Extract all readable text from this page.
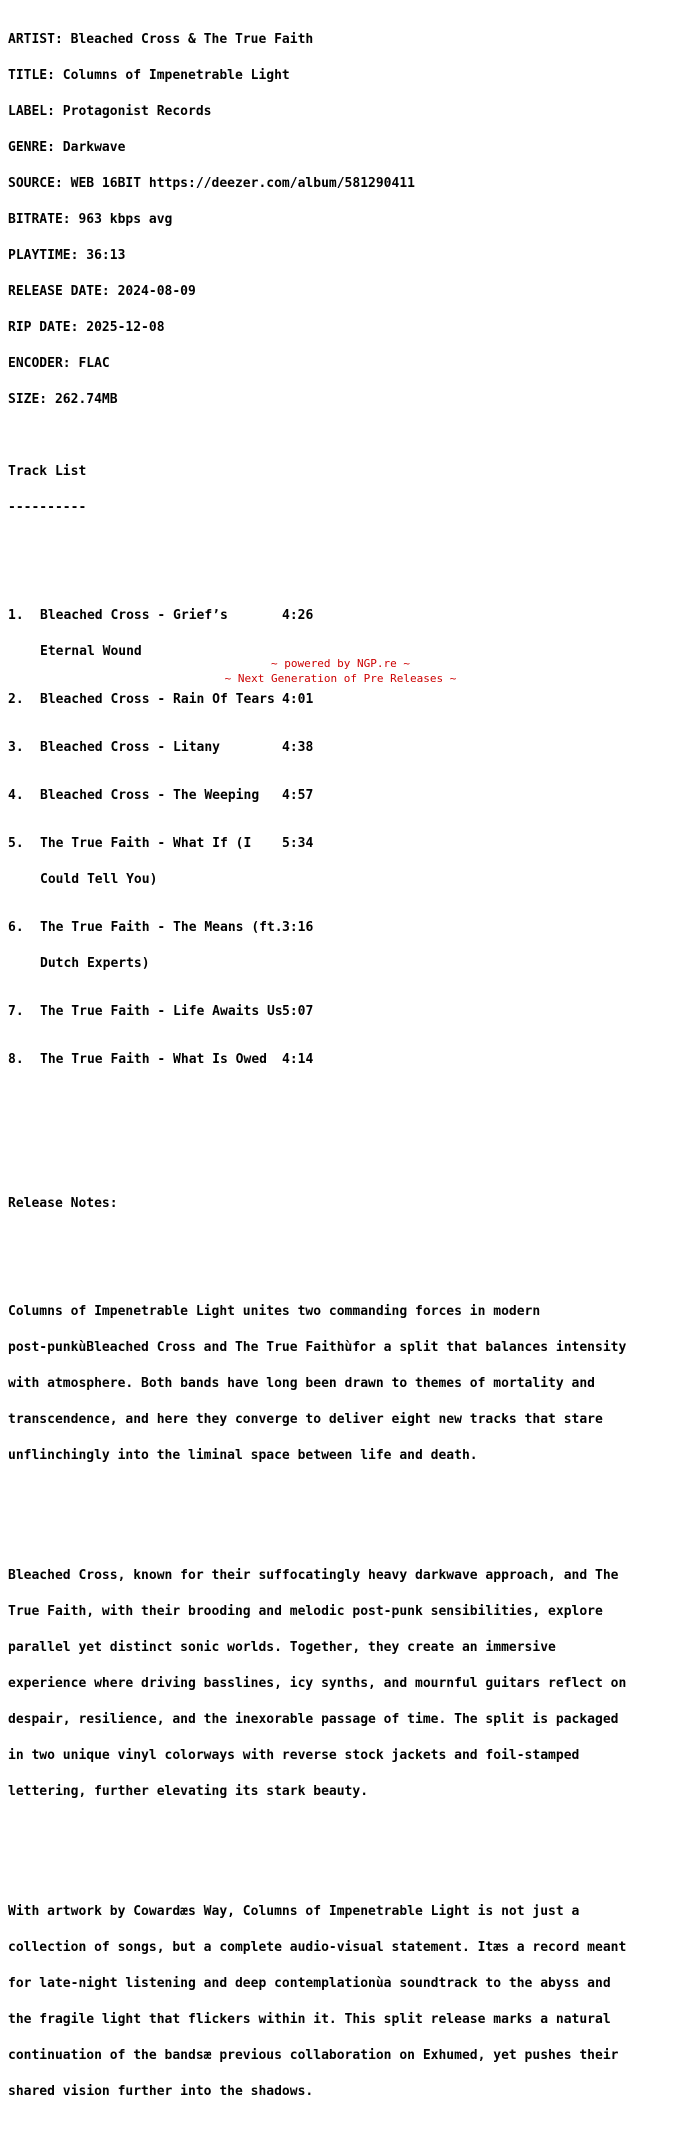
ARTIST: Bleached Cross & The True Faith

TITLE: Columns of Impenetrable Light

LABEL: Protagonist Records

GENRE: Darkwave

SOURCE: WEB 16BIT https://deezer.com/album/581290411

BITRATE: 963 kbps avg

PLAYTIME: 36:13

RELEASE DATE: 2024-08-09

RIP DATE: 2025-12-08

ENCODER: FLAC

SIZE: 262.74MB

Track List

----------

1. Bleached Cross - Grief’s	4:26

Eternal Wound

2. Bleached Cross - Rain Of Tears 4:01

3. Bleached Cross - Litany	4:38

4. Bleached Cross - The Weeping 4:57

5. The True Faith - What If (I 5:34

Could Tell You)

6. The True Faith - The Means (ft.3:16

Dutch Experts)

7. The True Faith - Life Awaits Us5:07

8. The True Faith - What Is Owed 4:14

Release Notes:

Columns of Impenetrable Light unites two commanding forces in modern

post-punkùBleached Cross and The True Faithùfor a split that balances intensity

with atmosphere. Both bands have long been drawn to themes of mortality and

transcendence, and here they converge to deliver eight new tracks that stare

unflinchingly into the liminal space between life and death.

Bleached Cross, known for their suffocatingly heavy darkwave approach, and The

True Faith, with their brooding and melodic post-punk sensibilities, explore

parallel yet distinct sonic worlds. Together, they create an immersive

experience where driving basslines, icy synths, and mournful guitars reflect on

despair, resilience, and the inexorable passage of time. The split is packaged

in two unique vinyl colorways with reverse stock jackets and foil-stamped

lettering, further elevating its stark beauty.

With artwork by Cowardæs Way, Columns of Impenetrable Light is not just a

collection of songs, but a complete audio-visual statement. Itæs a record meant

for late-night listening and deep contemplationùa soundtrack to the abyss and

the fragile light that flickers within it. This split release marks a natural

continuation of the bandsæ previous collaboration on Exhumed, yet pushes their

shared vision further into the shadows.

~ powered by NGP.re ~
~ Next Generation of Pre Releases ~
